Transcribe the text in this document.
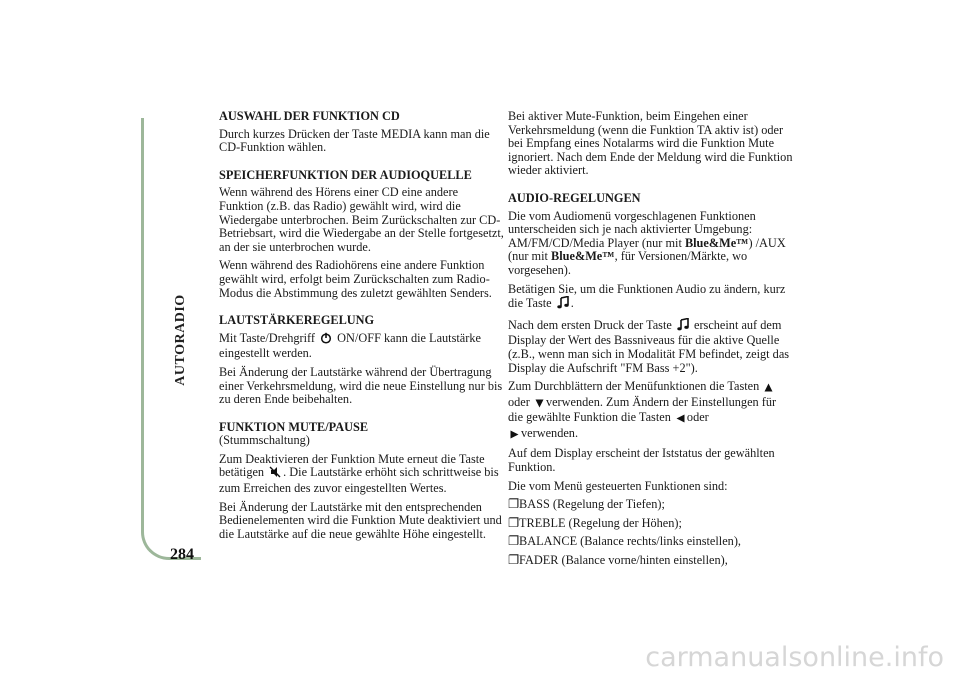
AUTORADIO
284
AUSWAHL DER FUNKTION CD

Durch kurzes Drücken der Taste MEDIA kann man die CD-Funktion wählen.

SPEICHERFUNKTION DER AUDIOQUELLE

Wenn während des Hörens einer CD eine andere Funktion (z.B. das Radio) gewählt wird, wird die Wiedergabe unterbrochen. Beim Zurückschalten zur CD-Betriebsart, wird die Wiedergabe an der Stelle fortgesetzt, an der sie unterbrochen wurde.

Wenn während des Radiohörens eine andere Funktion gewählt wird, erfolgt beim Zurückschalten zum Radio-Modus die Abstimmung des zuletzt gewählten Senders.

LAUTSTÄRKEREGELUNG

Mit Taste/Drehgriff ON/OFF kann die Lautstärke eingestellt werden.

Bei Änderung der Lautstärke während der Übertragung einer Verkehrsmeldung, wird die neue Einstellung nur bis zu deren Ende beibehalten.

FUNKTION MUTE/PAUSE

(Stummschaltung)

Zum Deaktivieren der Funktion Mute erneut die Taste betätigen . Die Lautstärke erhöht sich schrittweise bis zum Erreichen des zuvor eingestellten Wertes.

Bei Änderung der Lautstärke mit den entsprechenden Bedienelementen wird die Funktion Mute deaktiviert und die Lautstärke auf die neue gewählte Höhe eingestellt.

Bei aktiver Mute-Funktion, beim Eingehen einer Verkehrsmeldung (wenn die Funktion TA aktiv ist) oder bei Empfang eines Notalarms wird die Funktion Mute ignoriert. Nach dem Ende der Meldung wird die Funktion wieder aktiviert.

AUDIO-REGELUNGEN

Die vom Audiomenü vorgeschlagenen Funktionen unterscheiden sich je nach aktivierter Umgebung: AM/FM/CD/Media Player (nur mit Blue&Me™) /AUX (nur mit Blue&Me™, für Versionen/Märkte, wo vorgesehen).

Betätigen Sie, um die Funktionen Audio zu ändern, kurz die Taste .

Nach dem ersten Druck der Taste erscheint auf dem Display der Wert des Bassniveaus für die aktive Quelle (z.B., wenn man sich in Modalität FM befindet, zeigt das Display die Aufschrift "FM Bass +2").

Zum Durchblättern der Menüfunktionen die Tasten oder verwenden. Zum Ändern der Einstellungen für die gewählte Funktion die Tasten oder
verwenden.

Auf dem Display erscheint der Iststatus der gewählten Funktion.

Die vom Menü gesteuerten Funktionen sind:

❐BASS (Regelung der Tiefen);

❐TREBLE (Regelung der Höhen);

❐BALANCE (Balance rechts/links einstellen),

❐FADER (Balance vorne/hinten einstellen),

carmanualsonline.info
